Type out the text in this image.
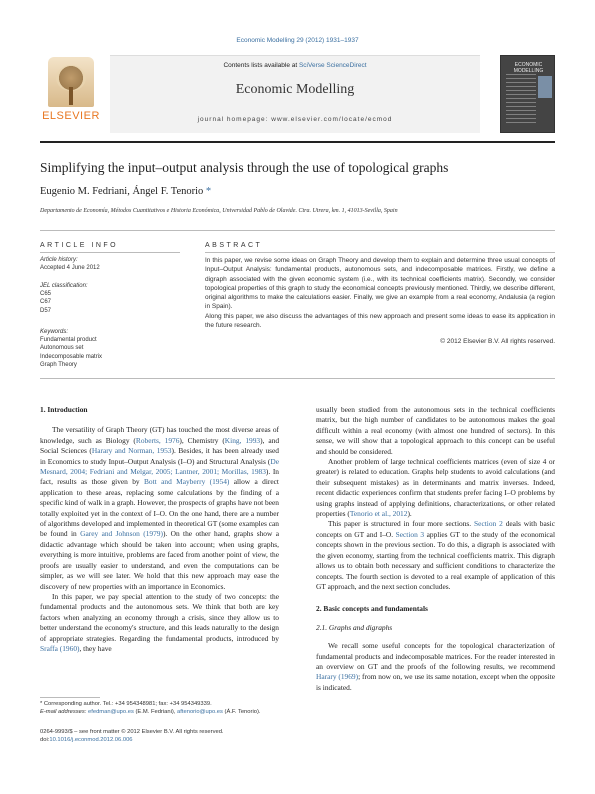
Economic Modelling 29 (2012) 1931–1937
ELSEVIER
Contents lists available at SciVerse ScienceDirect
Economic Modelling
journal homepage: www.elsevier.com/locate/ecmod
ECONOMIC MODELLING
Simplifying the input–output analysis through the use of topological graphs
Eugenio M. Fedriani, Ángel F. Tenorio *
Departamento de Economía, Métodos Cuantitativos e Historia Económica, Universidad Pablo de Olavide. Ctra. Utrera, km. 1, 41013-Sevilla, Spain
ARTICLE INFO	ABSTRACT
Article history:
Accepted 4 June 2012
JEL classification:
C65
C67
D57
Keywords:
Fundamental product
Autonomous set
Indecomposable matrix
Graph Theory
In this paper, we revise some ideas on Graph Theory and develop them to explain and determine three usual concepts of Input–Output Analysis: fundamental products, autonomous sets, and indecomposable matrices. Firstly, we define a digraph associated with the given economic system (i.e., with its technical coefficients matrix). Secondly, we consider topological properties of this graph to study the economical concepts previously mentioned. Thirdly, we describe different, original algorithms to make the calculations easier. Finally, we give an example from a real economy, Andalusia (a region in Spain).
Along this paper, we also discuss the advantages of this new approach and present some ideas to ease its application in the future research.
© 2012 Elsevier B.V. All rights reserved.
1. Introduction

The versatility of Graph Theory (GT) has touched the most diverse areas of knowledge, such as Biology (Roberts, 1976), Chemistry (King, 1993), and Social Sciences (Harary and Norman, 1953). Besides, it has been already used in Economics to study Input–Output Analysis (I–O) and Structural Analysis (De Mesnard, 2004; Fedriani and Melgar, 2005; Lantner, 2001; Morillas, 1983). In fact, results as those given by Bott and Mayberry (1954) allow a direct application to these areas, replacing some calculations by the finding of a specific kind of walk in a graph. However, the prospects of graphs have not been totally exploited yet in the context of I–O. On the one hand, there are a number of algorithms developed and implemented in theoretical GT (some examples can be found in Garey and Johnson (1979)). On the other hand, graphs show a didactic advantage which should be taken into account; when using graphs, everything is more intuitive, problems are faced from another point of view, the proofs are usually easier to understand, and even the computations can be simpler, as we will see later. We hold that this new approach may ease the discovery of new properties with an importance in Economics.

In this paper, we pay special attention to the study of two concepts: the fundamental products and the autonomous sets. We think that both are key factors when analyzing an economy through a crisis, since they allow us to better understand the economy's structure, and this leads naturally to the design of appropriate strategies. Regarding the fundamental products, introduced by Sraffa (1960), they have

usually been studied from the autonomous sets in the technical coefficients matrix, but the high number of candidates to be autonomous makes the goal difficult within a real economy (with almost one hundred of sectors). In this sense, we will show that a topological approach to this concept can be useful and should be considered.

Another problem of large technical coefficients matrices (even of size 4 or greater) is related to education. Graphs help students to avoid calculations (and their subsequent mistakes) as in determinants and matrix inverses. Indeed, recent didactic experiences confirm that students prefer facing I–O problems by using graphs instead of applying definitions, characterizations, or other related properties (Tenorio et al., 2012).

This paper is structured in four more sections. Section 2 deals with basic concepts on GT and I–O. Section 3 applies GT to the study of the economical concepts shown in the previous section. To do this, a digraph is associated with the given economy, starting from the technical coefficients matrix. This digraph allows us to obtain both necessary and sufficient conditions to characterize the concepts. The fourth section is devoted to a real example of application of this GT approach, and the next section concludes.

2. Basic concepts and fundamentals
2.1. Graphs and digraphs

We recall some useful concepts for the topological characterization of fundamental products and indecomposable matrices. For the reader interested in an overview on GT and the proofs of the following results, we recommend Harary (1969); from now on, we use its same notation, except when the opposite is indicated.

* Corresponding author. Tel.: +34 954348981; fax: +34 954349339.
E-mail addresses: efedman@upo.es (E.M. Fedriani), aftenorio@upo.es (Á.F. Tenorio).
0264-9993/$ – see front matter © 2012 Elsevier B.V. All rights reserved.
doi:10.1016/j.econmod.2012.06.006
